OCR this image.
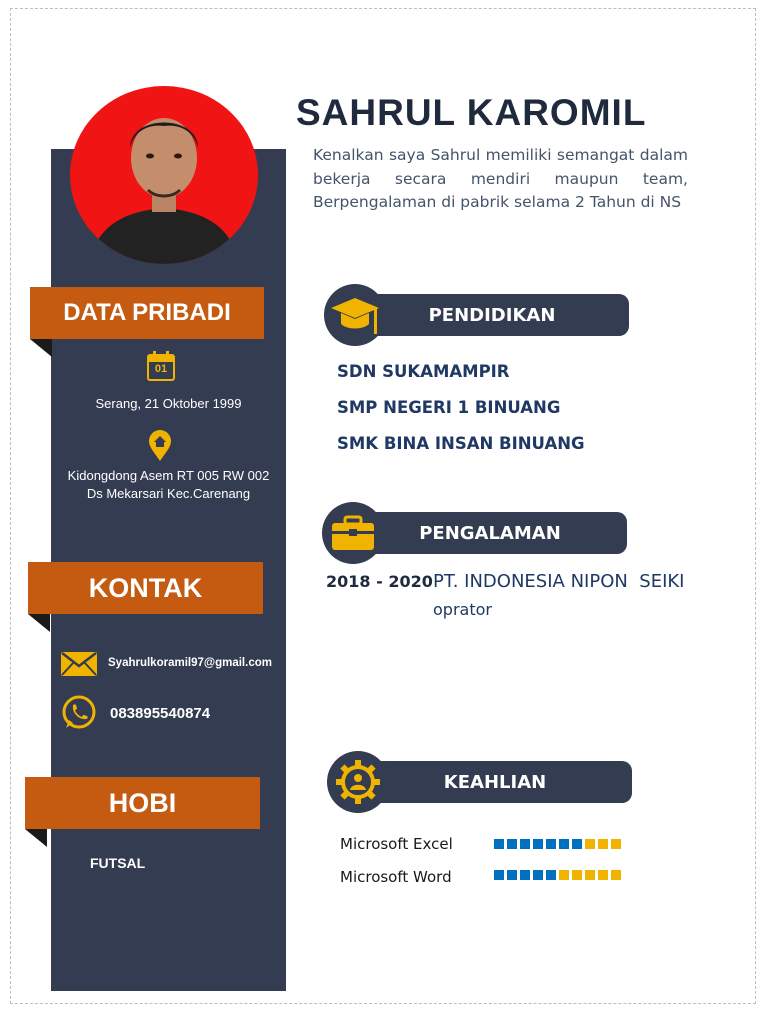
DATA PRIBADI
01
Serang, 21 Oktober 1999
Kidongdong Asem RT 005 RW 002
Ds Mekarsari Kec.Carenang
KONTAK
Syahrulkoramil97@gmail.com
083895540874
HOBI
FUTSAL
SAHRUL KAROMIL
Kenalkan saya Sahrul memiliki semangat dalam bekerja secara mendiri maupun team, Berpengalaman di pabrik selama 2 Tahun di NS
PENDIDIKAN
SDN SUKAMAMPIR
SMP NEGERI 1 BINUANG
SMK BINA INSAN BINUANG
PENGALAMAN
2018 - 2020 PT. INDONESIA NIPON  SEIKI
oprator
KEAHLIAN
Microsoft Excel
Microsoft Word
